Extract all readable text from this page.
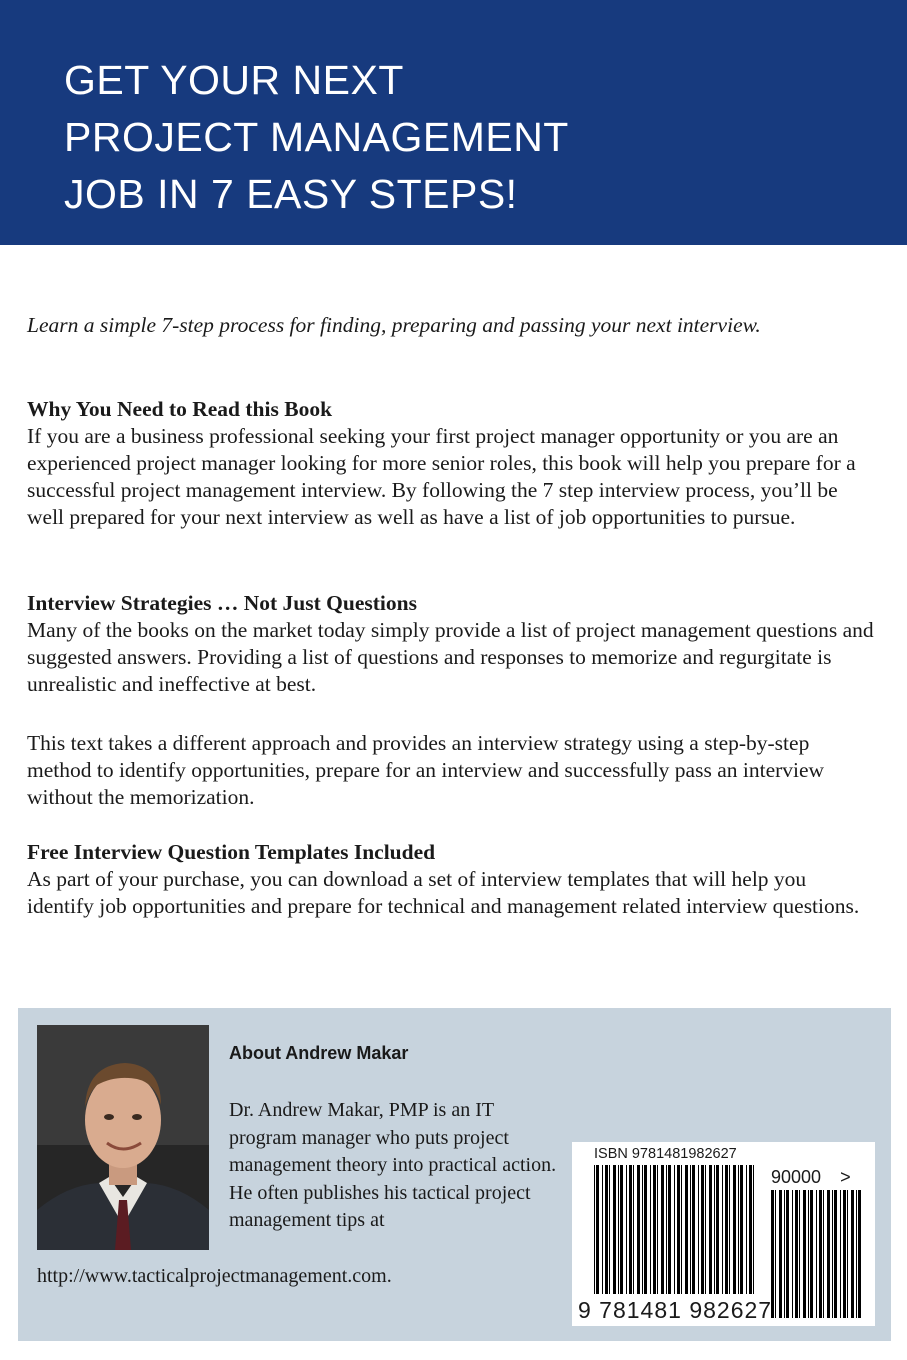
GET YOUR NEXT
PROJECT MANAGEMENT
JOB IN 7 EASY STEPS!

Learn a simple 7-step process for finding, preparing and passing your next interview.

Why You Need to Read this Book

If you are a business professional seeking your first project manager opportunity or you are an experienced project manager looking for more senior roles, this book will help you prepare for a successful project management interview. By following the 7 step interview process, you’ll be well prepared for your next interview as well as have a list of job opportunities to pursue.

Interview Strategies … Not Just Questions

Many of the books on the market today simply provide a list of project management questions and suggested answers. Providing a list of questions and responses to memorize and regurgitate is unrealistic and ineffective at best.

This text takes a different approach and provides an interview strategy using a step-by-step method to identify opportunities, prepare for an interview and successfully pass an interview without the memorization.

Free Interview Question Templates Included

As part of your purchase, you can download a set of interview templates that will help you identify job opportunities and prepare for technical and management related interview questions.

About Andrew Makar

Dr. Andrew Makar, PMP is an IT program manager who puts project management theory into practical action. He often publishes his tactical project management tips at

http://www.tacticalprojectmanagement.com.

ISBN 9781481982627

90000 >

9 781481 982627
